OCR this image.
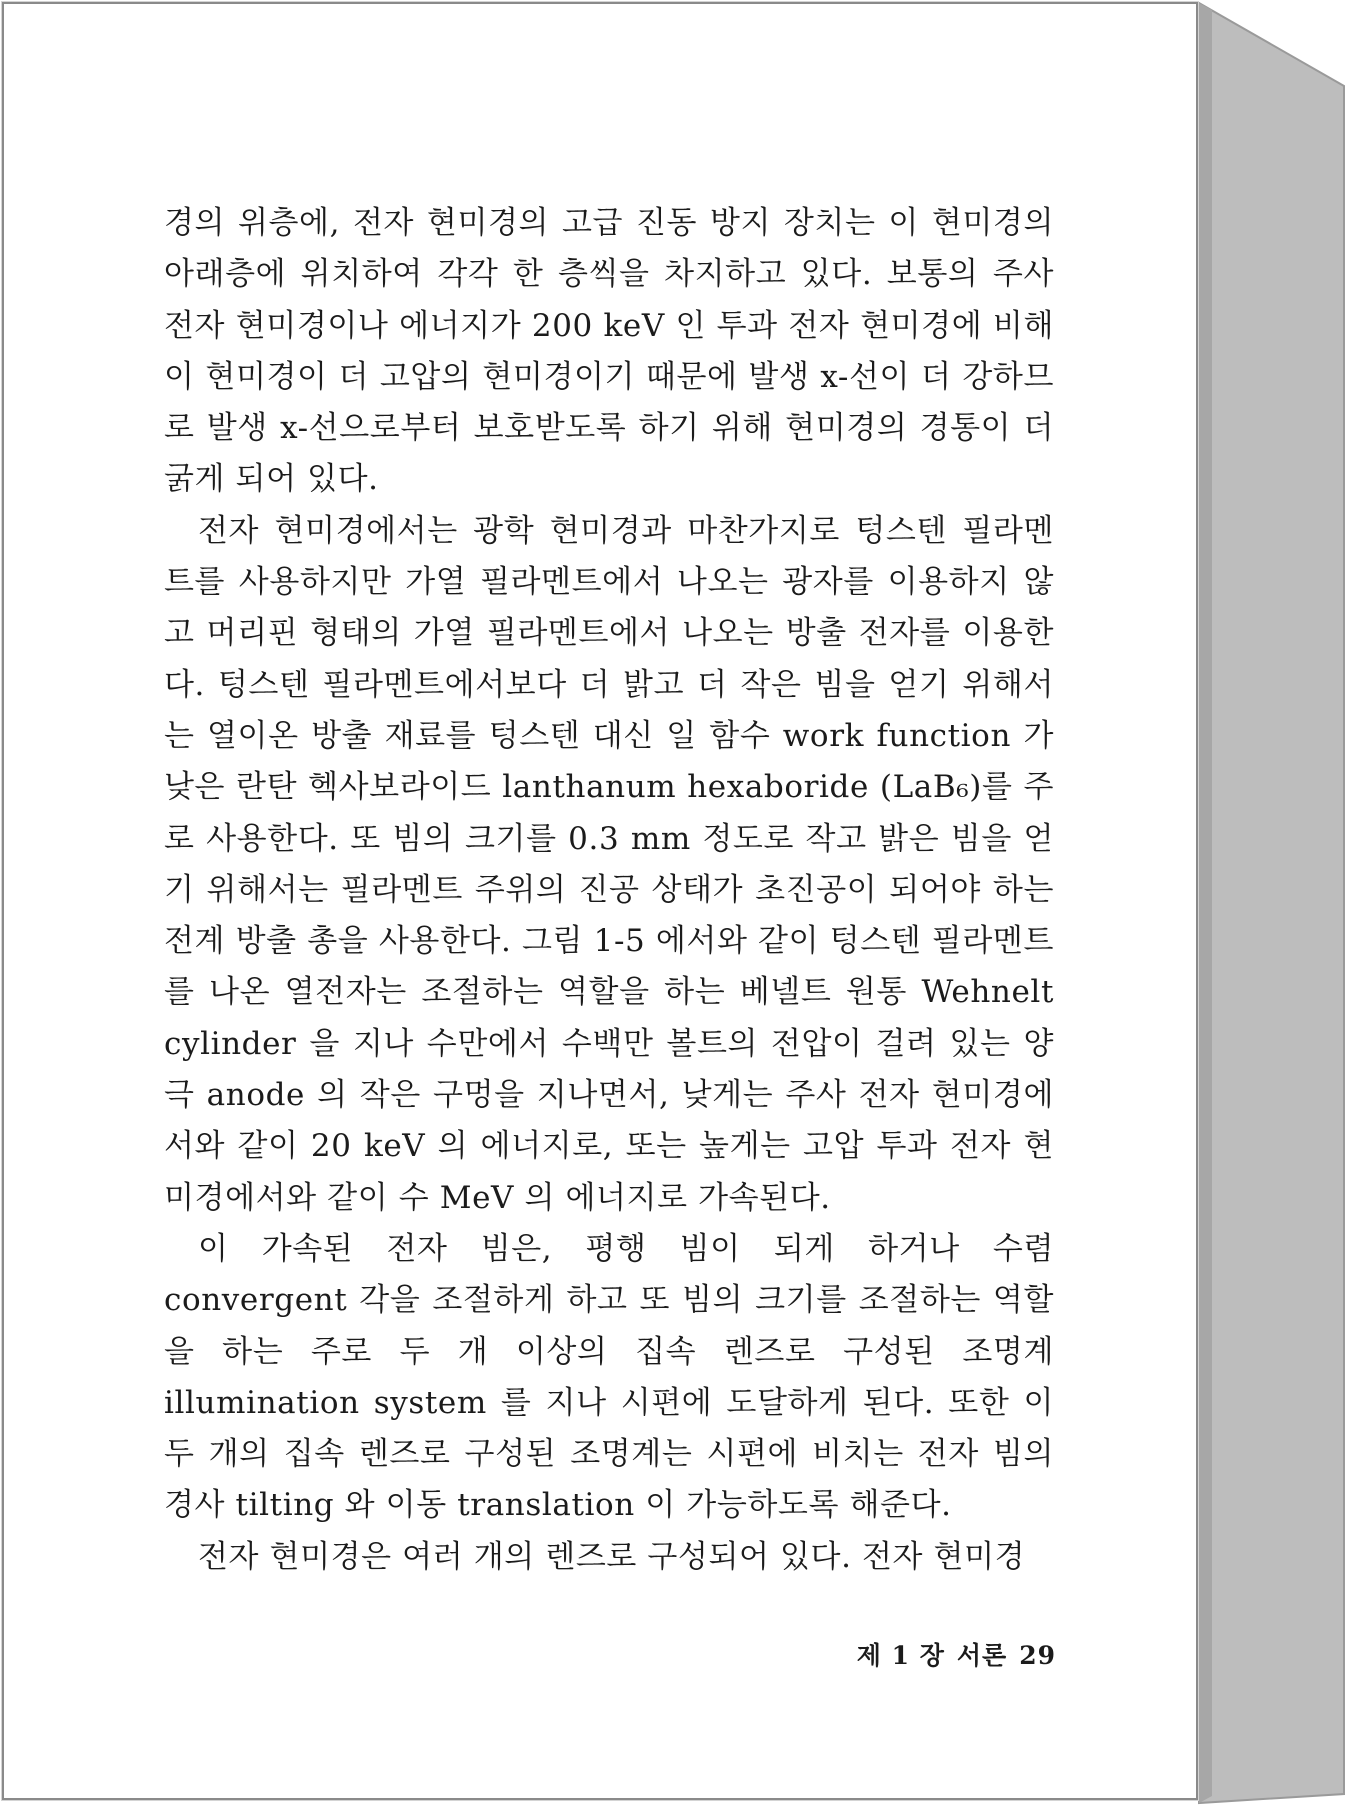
경의 위층에, 전자 현미경의 고급 진동 방지 장치는 이 현미경의 아래층에 위치하여 각각 한 층씩을 차지하고 있다. 보통의 주사 전자 현미경이나 에너지가 200 keV 인 투과 전자 현미경에 비해 이 현미경이 더 고압의 현미경이기 때문에 발생 x-선이 더 강하므로 발생 x-선으로부터 보호받도록 하기 위해 현미경의 경통이 더 굵게 되어 있다.

전자 현미경에서는 광학 현미경과 마찬가지로 텅스텐 필라멘트를 사용하지만 가열 필라멘트에서 나오는 광자를 이용하지 않고 머리핀 형태의 가열 필라멘트에서 나오는 방출 전자를 이용한다. 텅스텐 필라멘트에서보다 더 밝고 더 작은 빔을 얻기 위해서는 열이온 방출 재료를 텅스텐 대신 일 함수 work function 가 낮은 란탄 헥사보라이드 lanthanum hexaboride (LaB₆)를 주로 사용한다. 또 빔의 크기를 0.3 mm 정도로 작고 밝은 빔을 얻기 위해서는 필라멘트 주위의 진공 상태가 초진공이 되어야 하는 전계 방출 총을 사용한다. 그림 1-5 에서와 같이 텅스텐 필라멘트를 나온 열전자는 조절하는 역할을 하는 베넬트 원통 Wehnelt cylinder 을 지나 수만에서 수백만 볼트의 전압이 걸려 있는 양극 anode 의 작은 구멍을 지나면서, 낮게는 주사 전자 현미경에서와 같이 20 keV 의 에너지로, 또는 높게는 고압 투과 전자 현미경에서와 같이 수 MeV 의 에너지로 가속된다.

이 가속된 전자 빔은, 평행 빔이 되게 하거나 수렴 convergent 각을 조절하게 하고 또 빔의 크기를 조절하는 역할을 하는 주로 두 개 이상의 집속 렌즈로 구성된 조명계 illumination system 를 지나 시편에 도달하게 된다. 또한 이 두 개의 집속 렌즈로 구성된 조명계는 시편에 비치는 전자 빔의 경사 tilting 와 이동 translation 이 가능하도록 해준다.

전자 현미경은 여러 개의 렌즈로 구성되어 있다. 전자 현미경

제 1 장 서론 29
